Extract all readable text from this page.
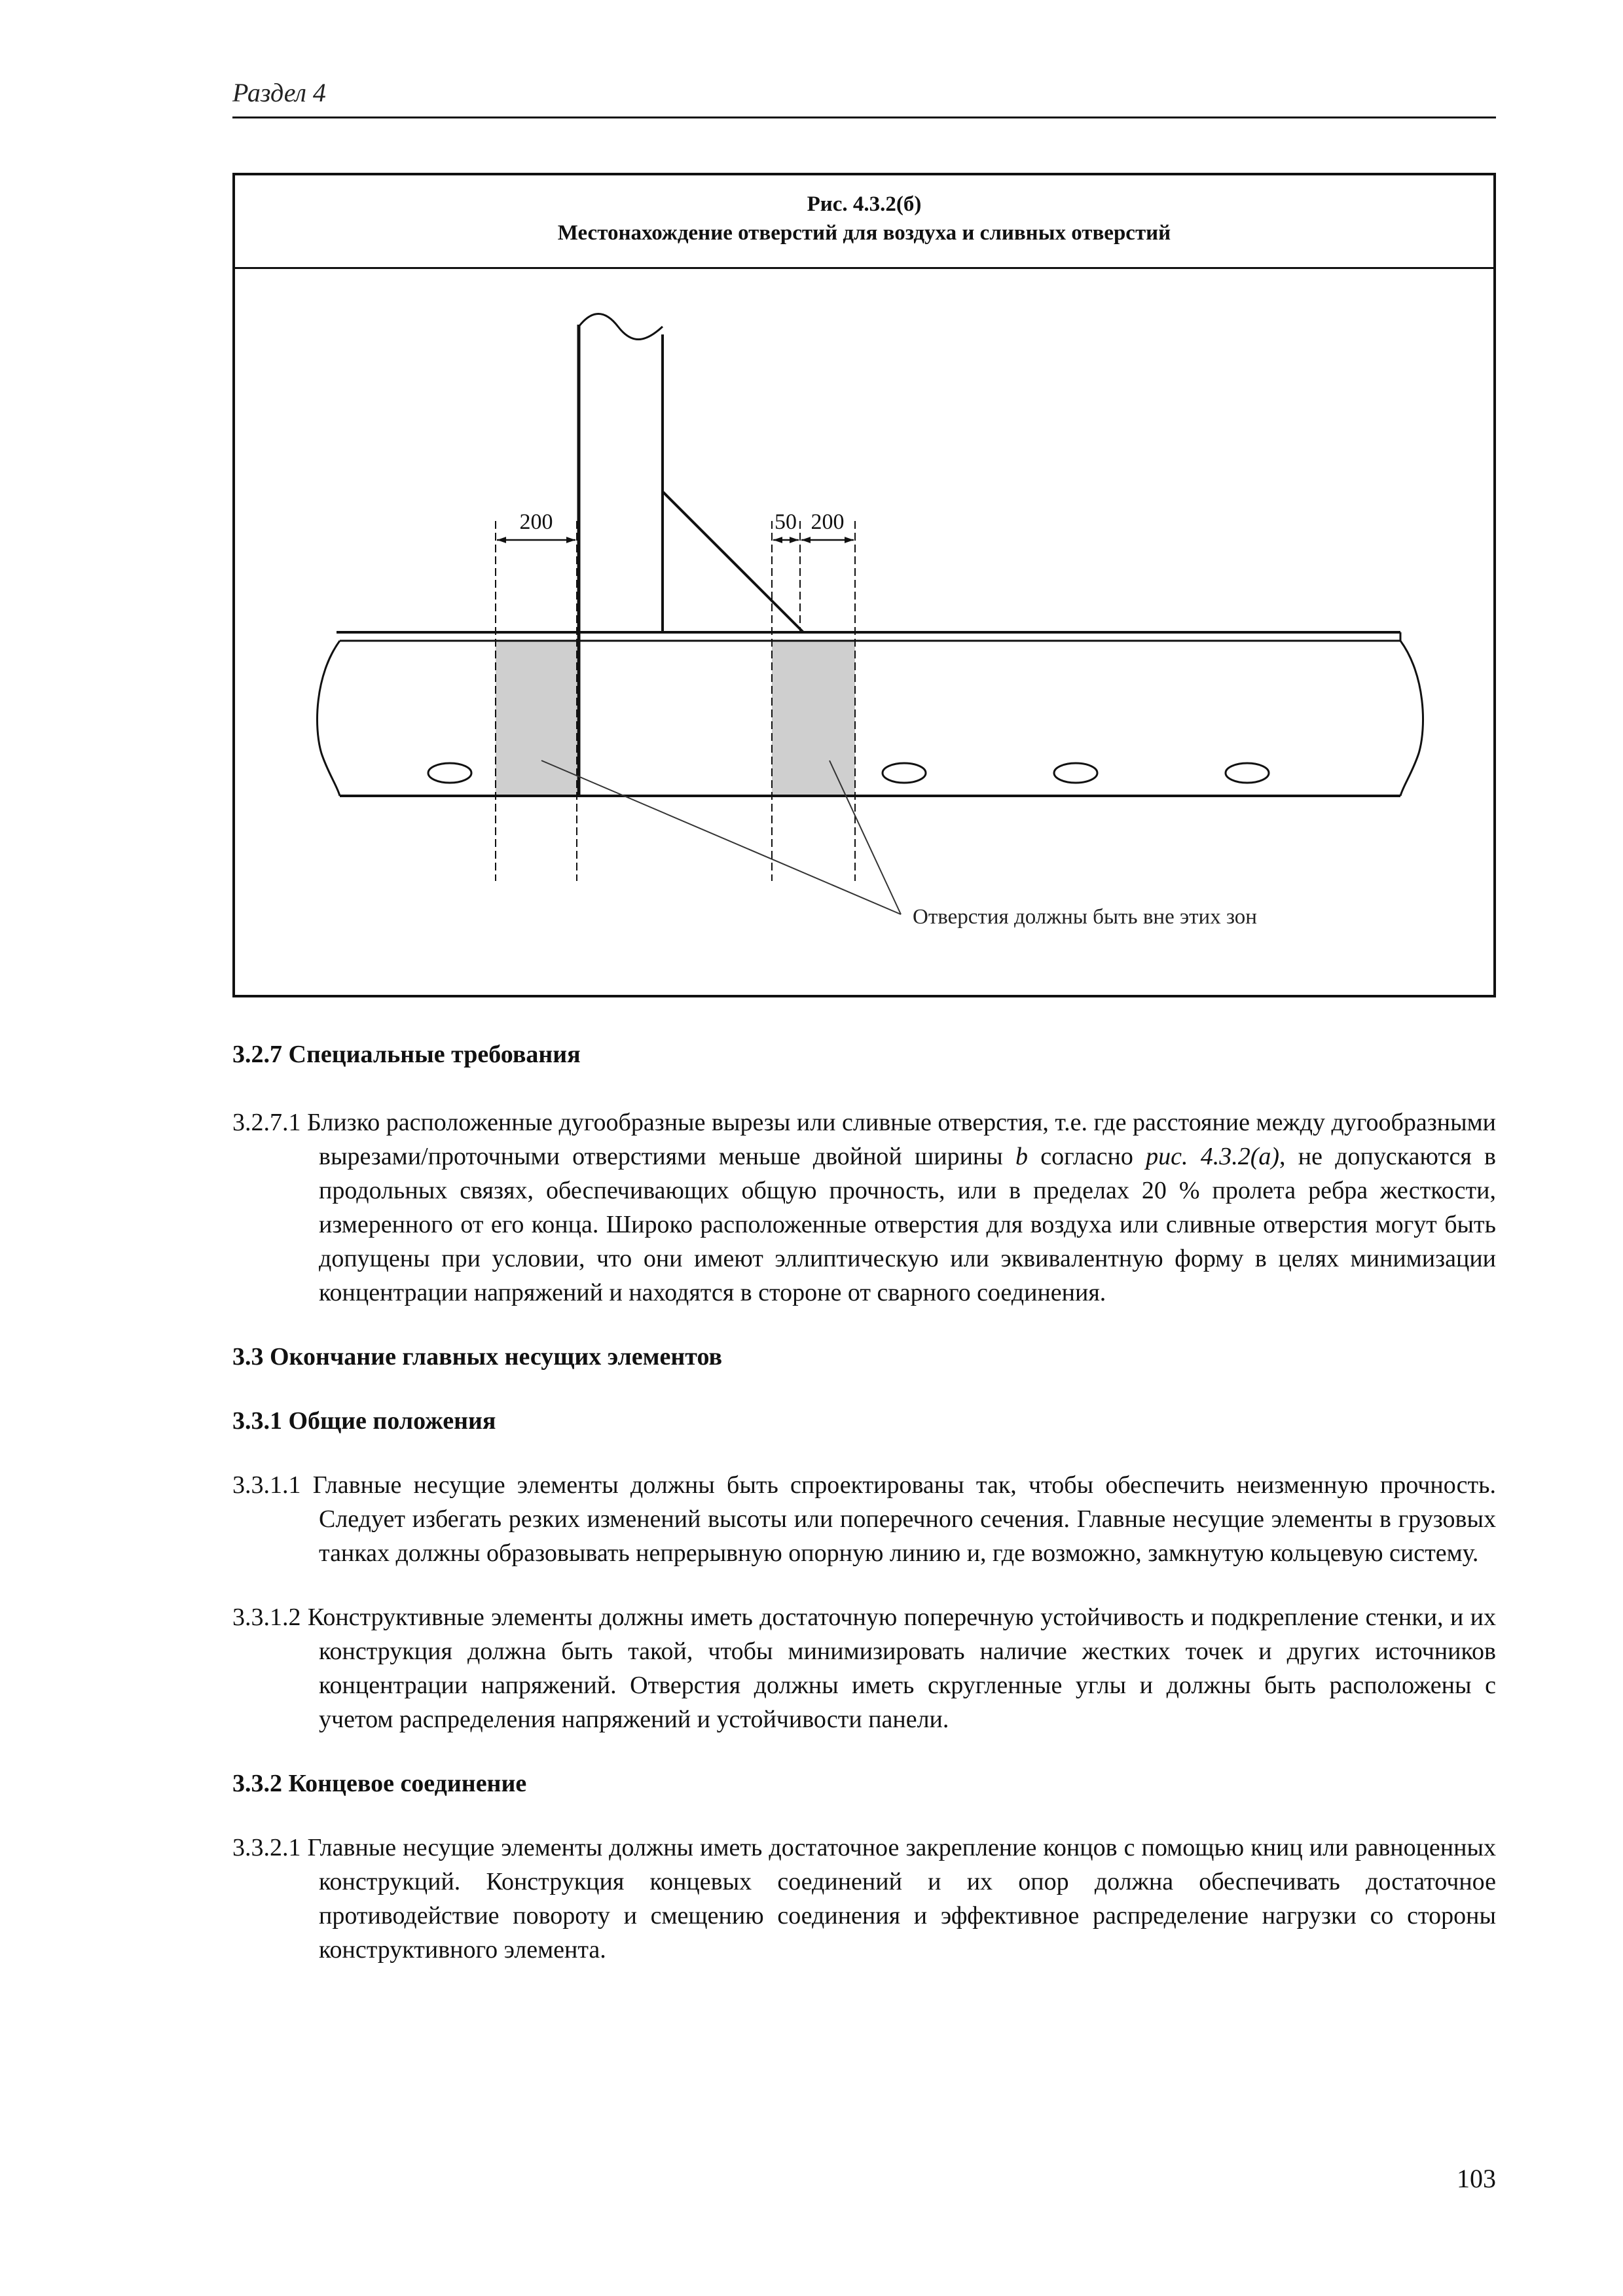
Раздел 4
Рис. 4.3.2(б)
Местонахождение отверстий для воздуха и сливных отверстий
200	50 200
Отверстия должны быть вне этих зон

3.2.7 Специальные требования

3.2.7.1 Близко расположенные дугообразные вырезы или сливные отверстия, т.е. где расстояние между дугообразными вырезами/проточными отверстиями меньше двойной ширины b согласно рис. 4.3.2(а), не допускаются в продольных связях, обеспечивающих общую прочность, или в пределах 20 % пролета ребра жесткости, измеренного от его конца. Широко расположенные отверстия для воздуха или сливные отверстия могут быть допущены при условии, что они имеют эллиптическую или эквивалентную форму в целях минимизации концентрации напряжений и находятся в стороне от сварного соединения.

3.3 Окончание главных несущих элементов

3.3.1 Общие положения

3.3.1.1 Главные несущие элементы должны быть спроектированы так, чтобы обеспечить неизменную прочность. Следует избегать резких изменений высоты или поперечного сечения. Главные несущие элементы в грузовых танках должны образовывать непрерывную опорную линию и, где возможно, замкнутую кольцевую систему.

3.3.1.2 Конструктивные элементы должны иметь достаточную поперечную устойчивость и подкрепление стенки, и их конструкция должна быть такой, чтобы минимизировать наличие жестких точек и других источников концентрации напряжений. Отверстия должны иметь скругленные углы и должны быть расположены с учетом распределения напряжений и устойчивости панели.

3.3.2 Концевое соединение

3.3.2.1 Главные несущие элементы должны иметь достаточное закрепление концов с помощью книц или равноценных конструкций. Конструкция концевых соединений и их опор должна обеспечивать достаточное противодействие повороту и смещению соединения и эффективное распределение нагрузки со стороны конструктивного элемента.

103
